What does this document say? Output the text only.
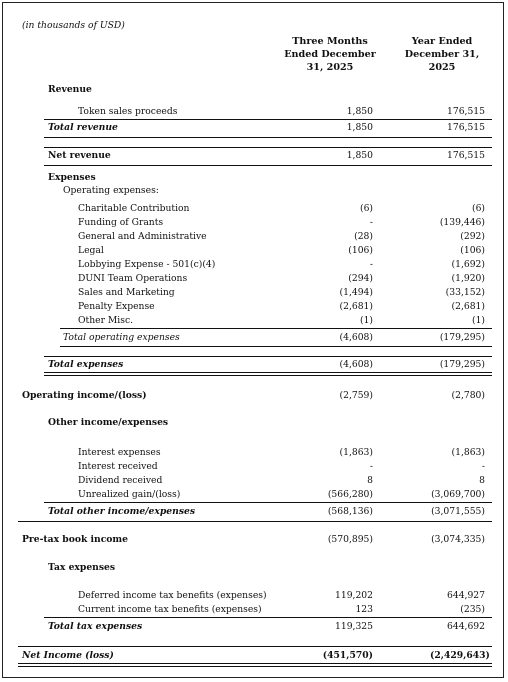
(in thousands of USD)
Three Months
Ended December
31, 2025
Year Ended
December 31,
2025
Revenue
Token sales proceeds	1,850	176,515
Total revenue	1,850	176,515
Net revenue	1,850	176,515
Expenses
Operating expenses:
Charitable Contribution	(6)	(6)
Funding of Grants	-	(139,446)
General and Administrative	(28)	(292)
Legal	(106)	(106)
Lobbying Expense - 501(c)(4)	-	(1,692)
DUNI Team Operations	(294)	(1,920)
Sales and Marketing	(1,494)	(33,152)
Penalty Expense	(2,681)	(2,681)
Other Misc.	(1)	(1)
Total operating expenses	(4,608)	(179,295)
Total expenses	(4,608)	(179,295)
Operating income/(loss)	(2,759)	(2,780)
Other income/expenses
Interest expenses	(1,863)	(1,863)
Interest received	-	-
Dividend received	8	8
Unrealized gain/(loss)	(566,280)	(3,069,700)
Total other income/expenses	(568,136)	(3,071,555)
Pre-tax book income	(570,895)	(3,074,335)
Tax expenses
Deferred income tax benefits (expenses)	119,202	644,927
Current income tax benefits (expenses)	123	(235)
Total tax expenses	119,325	644,692
Net Income (loss)	(451,570)	(2,429,643)
